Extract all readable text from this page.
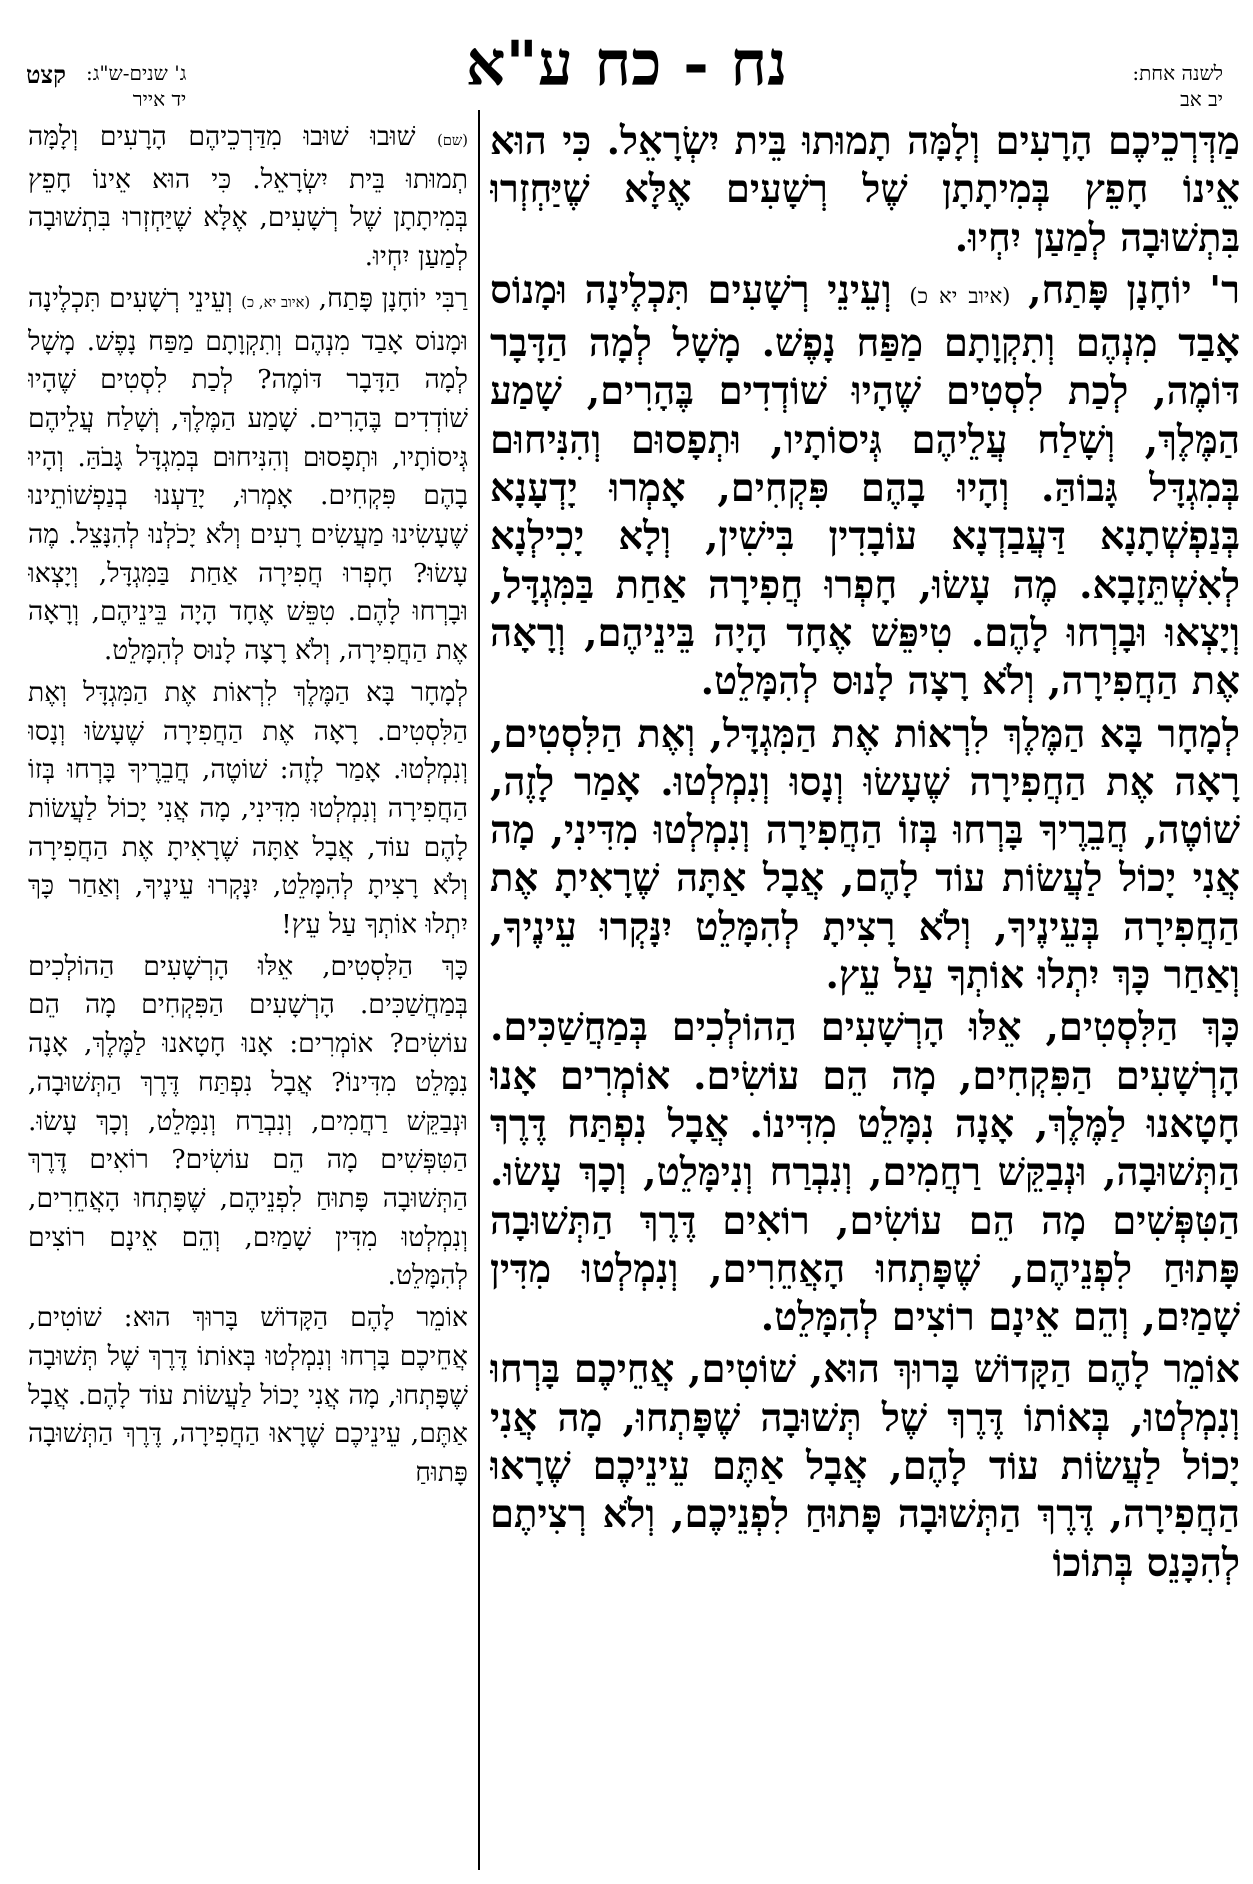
לשנה אחת:
יב אב
נח - כח ע"א
ג' שנים-ש"ג:
יד אייר
קצט

מַדְּרְכֵיכֶם הָרָעִים וְלָמָּה תָמוּתוּ בֵּית יִשְׂרָאֵל. כִּי הוּא אֵינוֹ חָפֵץ בְּמִיתָתָן שֶׁל רְשָׁעִים אֶלָּא שֶׁיַּחְזְרוּ בִּתְשׁוּבָה לְמַעַן יִחְיוּ.

ר' יוֹחָנָן פָּתַח, (איוב יא כ) וְעֵינֵי רְשָׁעִים תִּכְלֶינָה וּמָנוֹס אָבַד מִנְהֶם וְתִקְוָתָם מַפַּח נָפֶשׁ. מָשָׁל לְמָה הַדָּבָר דּוֹמֶה, לְכַת לִסְטִים שֶׁהָיוּ שׁוֹדְדִים בֶּהָרִים, שָׁמַע הַמֶּלֶךְ, וְשָׁלַח עֲלֵיהֶם גְּיסוֹתָיו, וּתְפָסוּם וְהִנִּיחוּם בְּמִגְדָּל גָּבוֹהַּ. וְהָיוּ בָהֶם פִּקְחִים, אָמְרוּ יָדְעָנָא בְּנַפְשְׁתָנָא דַּעֲבַדְנָא עוֹבָדִין בִּישִׁין, וְלָא יָכִילְנָא לְאִשְׁתֵּזָבָא. מֶה עָשׂוּ, חָפְרוּ חֲפִירָה אַחַת בַּמִּגְדָּל, וְיָצְאוּ וּבָרְחוּ לָהֶם. טִיפֵּשׁ אֶחָד הָיָה בֵּינֵיהֶם, וְרָאָה אֶת הַחֲפִירָה, וְלֹא רָצָה לָנוּס לְהִמָּלֵט.

לְמָחָר בָּא הַמֶּלֶךְ לִרְאוֹת אֶת הַמִּגְדָּל, וְאֶת הַלִּסְטִים, רָאָה אֶת הַחֲפִירָה שֶׁעָשׂוּ וְנָסוּ וְנִמְלְטוּ. אָמַר לָזֶה, שׁוֹטֶה, חֲבֵרֶיךָ בָּרְחוּ בְּזוֹ הַחֲפִירָה וְנִמְלְטוּ מִדִּינִי, מָה אֲנִי יָכוֹל לַעֲשׂוֹת עוֹד לָהֶם, אֲבָל אַתָּה שֶׁרָאִיתָ אֶת הַחֲפִירָה בְּעֵינֶיךָ, וְלֹא רָצִיתָ לְהִמָּלֵט יִנָּקְרוּ עֵינֶיךָ, וְאַחַר כָּךְ יִתְלוּ אוֹתְךָ עַל עֵץ.

כָּךְ הַלִּסְטִים, אֵלּוּ הָרְשָׁעִים הַהוֹלְכִים בְּמַחֲשַׁכִּים. הָרְשָׁעִים הַפִּקְחִים, מָה הֵם עוֹשִׂים. אוֹמְרִים אָנוּ חָטָאנוּ לַמֶּלֶךְ, אָנָה נִמָּלֵט מִדִּינוֹ. אֲבָל נִפְתַּח דֶּרֶךְ הַתְּשׁוּבָה, וּנְבַקֵּשׁ רַחֲמִים, וְנִבְרַח וְנִימָּלֵט, וְכָךְ עָשׂוּ. הַטִּפְּשִׁים מָה הֵם עוֹשִׂים, רוֹאִים דֶּרֶךְ הַתְּשׁוּבָה פָּתוּחַ לִפְנֵיהֶם, שֶׁפָּתְחוּ הָאֲחֵרִים, וְנִמְלְטוּ מִדִּין שָׁמַיִם, וְהֵם אֵינָם רוֹצִים לְהִמָּלֵט.

אוֹמֵר לָהֶם הַקָּדוֹשׁ בָּרוּךְ הוּא, שׁוֹטִים, אֲחֵיכֶם בָּרְחוּ וְנִמְלְטוּ, בְּאוֹתוֹ דֶּרֶךְ שֶׁל תְּשׁוּבָה שֶׁפָּתְחוּ, מָה אֲנִי יָכוֹל לַעֲשׂוֹת עוֹד לָהֶם, אֲבָל אַתֶּם עֵינֵיכֶם שֶׁרָאוּ הַחֲפִירָה, דֶּרֶךְ הַתְּשׁוּבָה פָּתוּחַ לִפְנֵיכֶם, וְלֹא רְצִיתֶם לְהִכָּנֵס בְּתוֹכוֹ

(שם) שׁוּבוּ שׁוּבוּ מִדַּרְכֵיהֶם הָרָעִים וְלָמָּה תְמוּתוּ בֵּית יִשְׂרָאֵל. כִּי הוּא אֵינוֹ חָפֵץ בְּמִיתָתָן שֶׁל רְשָׁעִים, אֶלָּא שֶׁיַּחְזְרוּ בִּתְשׁוּבָה לְמַעַן יִחְיוּ.

רַבִּי יוֹחָנָן פָּתַח, (איוב יא, כ) וְעֵינֵי רְשָׁעִים תִּכְלֶינָה וּמָנוֹס אָבַד מִנְהֶם וְתִקְוָתָם מַפַּח נָפֶשׁ. מָשָׁל לְמָה הַדָּבָר דּוֹמֶה? לְכַת לִסְטִים שֶׁהָיוּ שׁוֹדְדִים בֶּהָרִים. שָׁמַע הַמֶּלֶךְ, וְשָׁלַח עֲלֵיהֶם גְּיסוֹתָיו, וּתְפָסוּם וְהִנִּיחוּם בְּמִגְדָּל גָּבֹהַּ. וְהָיוּ בָהֶם פִּקְחִים. אָמְרוּ, יָדַעְנוּ בְנַפְשׁוֹתֵינוּ שֶׁעָשִׂינוּ מַעֲשִׂים רָעִים וְלֹא יָכֹלְנוּ לְהִנָּצֵל. מֶה עָשׂוּ? חָפְרוּ חֲפִירָה אַחַת בַּמִּגְדָּל, וְיָצְאוּ וּבָרְחוּ לָהֶם. טִפֵּשׁ אֶחָד הָיָה בֵּינֵיהֶם, וְרָאָה אֶת הַחֲפִירָה, וְלֹא רָצָה לָנוּס לְהִמָּלֵט.

לְמָחָר בָּא הַמֶּלֶךְ לִרְאוֹת אֶת הַמִּגְדָּל וְאֶת הַלִּסְטִים. רָאָה אֶת הַחֲפִירָה שֶׁעָשׂוּ וְנָסוּ וְנִמְלְטוּ. אָמַר לָזֶה: שׁוֹטֶה, חֲבֵרֶיךָ בָּרְחוּ בְּזוֹ הַחֲפִירָה וְנִמְלְטוּ מִדִּינִי, מָה אֲנִי יָכוֹל לַעֲשׂוֹת לָהֶם עוֹד, אֲבָל אַתָּה שֶׁרָאִיתָ אֶת הַחֲפִירָה וְלֹא רָצִיתָ לְהִמָּלֵט, יִנָּקְרוּ עֵינֶיךָ, וְאַחַר כָּךְ יִתְלוּ אוֹתְךָ עַל עֵץ!

כָּךְ הַלִּסְטִים, אֵלּוּ הָרְשָׁעִים הַהוֹלְכִים בְּמַחֲשַׁכִּים. הָרְשָׁעִים הַפִּקְחִים מָה הֵם עוֹשִׂים? אוֹמְרִים: אָנוּ חָטָאנוּ לַמֶּלֶךְ, אָנָה נִמָּלֵט מִדִּינוֹ? אֲבָל נִפְתַּח דֶּרֶךְ הַתְּשׁוּבָה, וּנְבַקֵּשׁ רַחֲמִים, וְנִבְרַח וְנִמָּלֵט, וְכָךְ עָשׂוּ. הַטִּפְּשִׁים מָה הֵם עוֹשִׂים? רוֹאִים דֶּרֶךְ הַתְּשׁוּבָה פָּתוּחַ לִפְנֵיהֶם, שֶׁפָּתְחוּ הָאֲחֵרִים, וְנִמְלְטוּ מִדִּין שָׁמַיִם, וְהֵם אֵינָם רוֹצִים לְהִמָּלֵט.

אוֹמֵר לָהֶם הַקָּדוֹשׁ בָּרוּךְ הוּא: שׁוֹטִים, אֲחֵיכֶם בָּרְחוּ וְנִמְלְטוּ בְּאוֹתוֹ דֶּרֶךְ שֶׁל תְּשׁוּבָה שֶׁפָּתְחוּ, מָה אֲנִי יָכוֹל לַעֲשׂוֹת עוֹד לָהֶם. אֲבָל אַתֶּם, עֵינֵיכֶם שֶׁרָאוּ הַחֲפִירָה, דֶּרֶךְ הַתְּשׁוּבָה פָּתוּחַ
